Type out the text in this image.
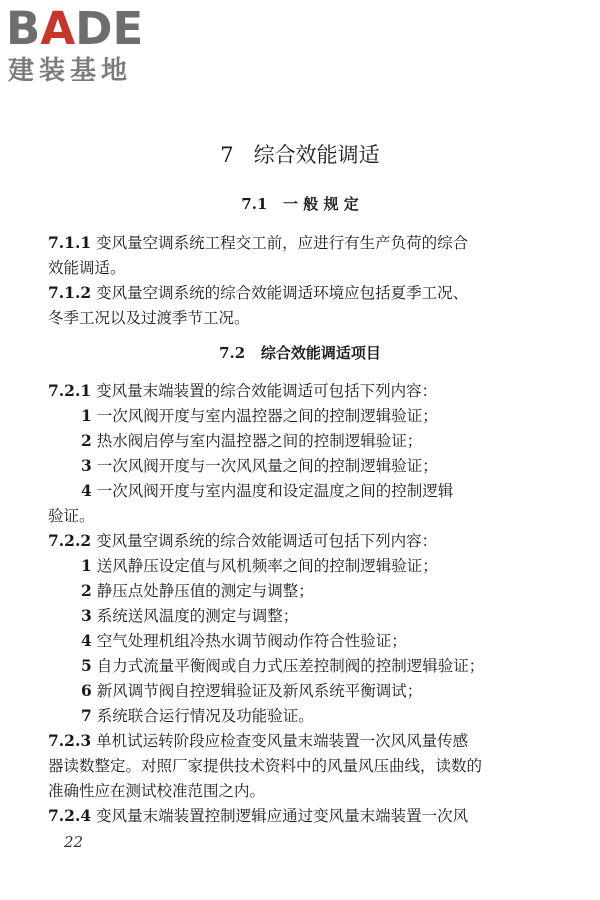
BADE
建装基地
7   综合效能调适
7.1   一 般 规 定
7.1.1 变风量空调系统工程交工前，应进行有生产负荷的综合
效能调适。
7.1.2 变风量空调系统的综合效能调适环境应包括夏季工况、
冬季工况以及过渡季节工况。
7.2   综合效能调适项目
7.2.1 变风量末端装置的综合效能调适可包括下列内容：
1 一次风阀开度与室内温控器之间的控制逻辑验证；
2 热水阀启停与室内温控器之间的控制逻辑验证；
3 一次风阀开度与一次风风量之间的控制逻辑验证；
4 一次风阀开度与室内温度和设定温度之间的控制逻辑
验证。
7.2.2 变风量空调系统的综合效能调适可包括下列内容：
1 送风静压设定值与风机频率之间的控制逻辑验证；
2 静压点处静压值的测定与调整；
3 系统送风温度的测定与调整；
4 空气处理机组冷热水调节阀动作符合性验证；
5 自力式流量平衡阀或自力式压差控制阀的控制逻辑验证；
6 新风调节阀自控逻辑验证及新风系统平衡调试；
7 系统联合运行情况及功能验证。
7.2.3 单机试运转阶段应检查变风量末端装置一次风风量传感
器读数整定。对照厂家提供技术资料中的风量风压曲线，读数的
准确性应在测试校准范围之内。
7.2.4 变风量末端装置控制逻辑应通过变风量末端装置一次风
22
